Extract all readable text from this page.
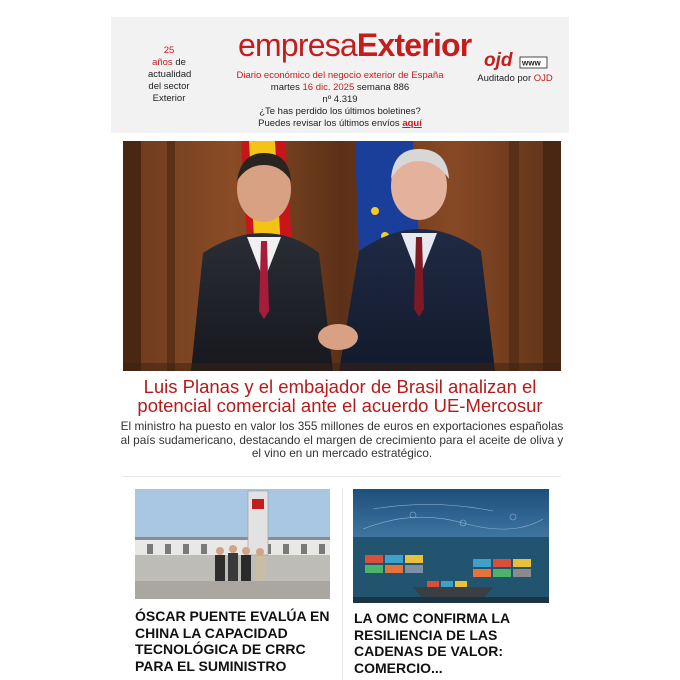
25
años de
actualidad
del sector
Exterior
empresaExterior
Diario económico del negocio exterior de España
martes 16 dic. 2025 semana 886
nº 4.319
¿Te has perdido los últimos boletines?
Puedes revisar los últimos envíos aquí
ojd www
Auditado por OJD
Luis Planas y el embajador de Brasil analizan el potencial comercial ante el acuerdo UE-Mercosur
El ministro ha puesto en valor los 355 millones de euros en exportaciones españolas al país sudamericano, destacando el margen de crecimiento para el aceite de oliva y el vino en un mercado estratégico.
ÓSCAR PUENTE EVALÚA EN CHINA LA CAPACIDAD TECNOLÓGICA DE CRRC PARA EL SUMINISTRO
LA OMC CONFIRMA LA RESILIENCIA DE LAS CADENAS DE VALOR: COMERCIO...
